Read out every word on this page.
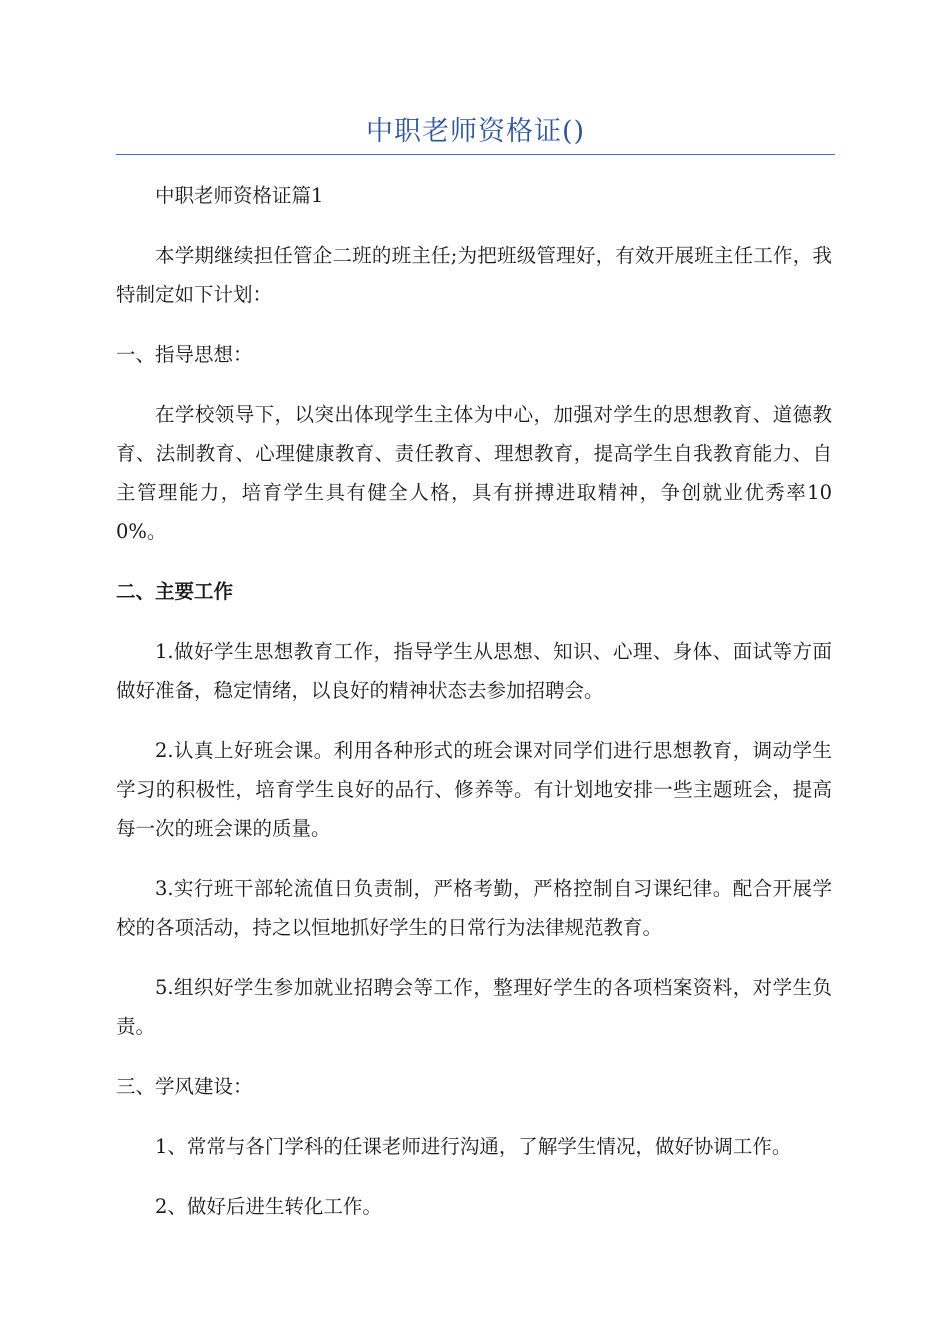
中职老师资格证()

中职老师资格证篇1

本学期继续担任管企二班的班主任;为把班级管理好，有效开展班主任工作，我特制定如下计划：

一、指导思想：

在学校领导下，以突出体现学生主体为中心，加强对学生的思想教育、道德教育、法制教育、心理健康教育、责任教育、理想教育，提高学生自我教育能力、自主管理能力，培育学生具有健全人格，具有拼搏进取精神，争创就业优秀率100%。

二、主要工作

1.做好学生思想教育工作，指导学生从思想、知识、心理、身体、面试等方面做好准备，稳定情绪，以良好的精神状态去参加招聘会。

2.认真上好班会课。利用各种形式的班会课对同学们进行思想教育，调动学生学习的积极性，培育学生良好的品行、修养等。有计划地安排一些主题班会，提高每一次的班会课的质量。

3.实行班干部轮流值日负责制，严格考勤，严格控制自习课纪律。配合开展学校的各项活动，持之以恒地抓好学生的日常行为法律规范教育。

5.组织好学生参加就业招聘会等工作，整理好学生的各项档案资料，对学生负责。

三、学风建设：

1、常常与各门学科的任课老师进行沟通，了解学生情况，做好协调工作。

2、做好后进生转化工作。
